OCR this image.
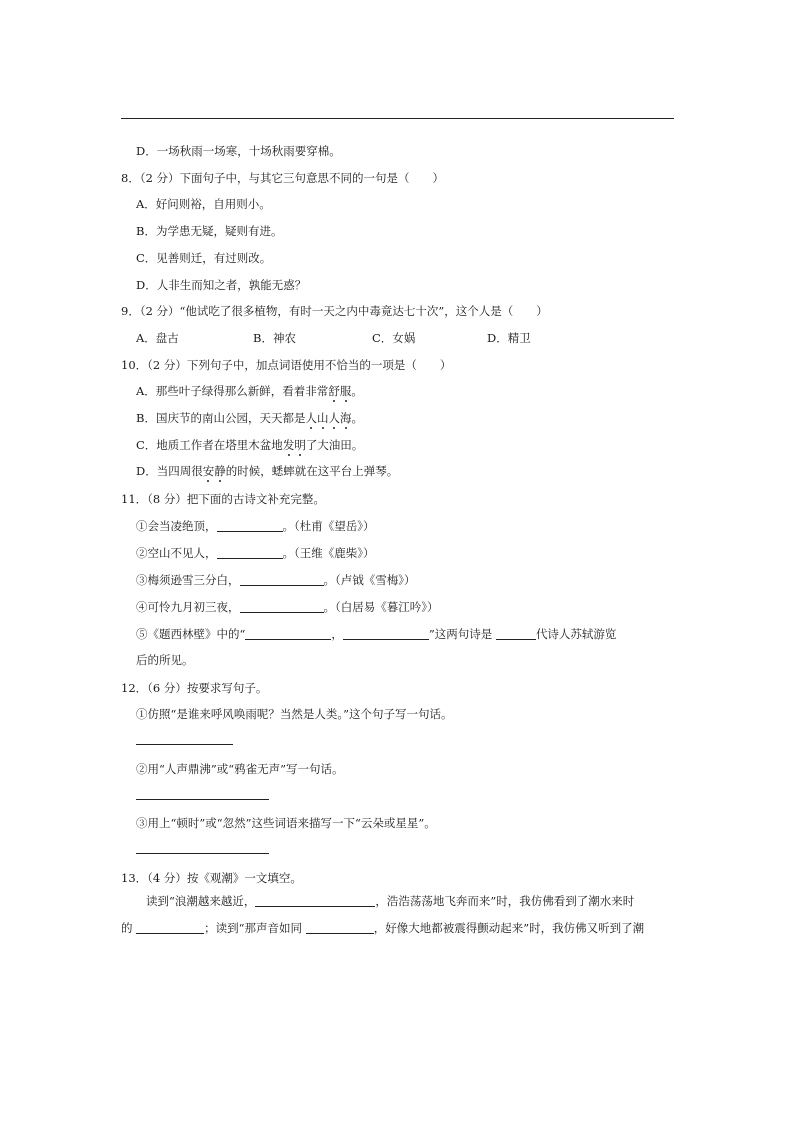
D．一场秋雨一场寒，十场秋雨要穿棉。
8．（2 分）下面句子中，与其它三句意思不同的一句是（　　）
A．好问则裕，自用则小。
B．为学患无疑，疑则有进。
C．见善则迁，有过则改。
D．人非生而知之者，孰能无惑？
9．（2 分）“他试吃了很多植物，有时一天之内中毒竟达七十次”，这个人是（　　）
A．盘古	B．神农	C．女娲	D．精卫
10．（2 分）下列句子中，加点词语使用不恰当的一项是（　　）
A．那些叶子绿得那么新鲜，看着非常舒服。
B．国庆节的南山公园，天天都是人山人海。
C．地质工作者在塔里木盆地发明了大油田。
D．当四周很安静的时候，蟋蟀就在这平台上弹琴。
11．（8 分）把下面的古诗文补充完整。
①会当凌绝顶，	。（杜甫《望岳》）
②空山不见人，	。（王维《鹿柴》）
③梅须逊雪三分白，	。（卢钺《雪梅》）
④可怜九月初三夜，	。（白居易《暮江吟》）
⑤《题西林壁》中的“	，	”这两句诗是	代诗人苏轼游览
后的所见。
12．（6 分）按要求写句子。
①仿照“是谁来呼风唤雨呢？当然是人类。”这个句子写一句话。
②用“人声鼎沸”或“鸦雀无声”写一句话。
③用上“顿时”或“忽然”这些词语来描写一下“云朵或星星”。
13．（4 分）按《观潮》一文填空。
读到“浪潮越来越近，	，浩浩荡荡地飞奔而来”时，我仿佛看到了潮水来时
的	；读到“那声音如同	，好像大地都被震得颤动起来”时，我仿佛又听到了潮
